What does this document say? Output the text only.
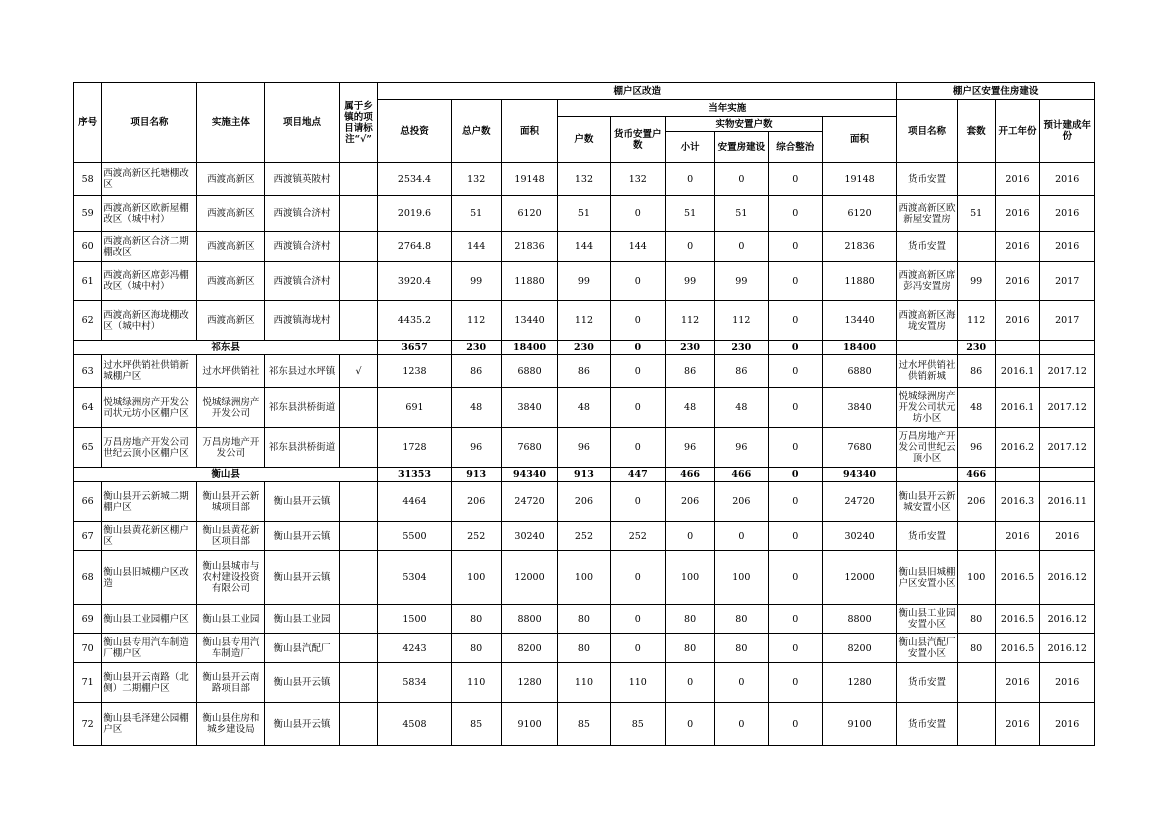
序号	项目名称	实施主体	项目地点	属于乡镇的项目请标注“√”	棚户区改造									棚户区安置住房建设			
					总投资	总户数	面积	当年实施						项目名称	套数	开工年份	预计建成年份
								户数	货币安置户数	实物安置户数			面积				
										小计	安置房建设	综合整治					
58	西渡高新区托塘棚改区	西渡高新区	西渡镇英陂村		2534.4	132	19148	132	132	0	0	0	19148	货币安置		2016	2016
59	西渡高新区欧新屋棚改区（城中村）	西渡高新区	西渡镇合济村		2019.6	51	6120	51	0	51	51	0	6120	西渡高新区欧新屋安置房	51	2016	2016
60	西渡高新区合济二期棚改区	西渡高新区	西渡镇合济村		2764.8	144	21836	144	144	0	0	0	21836	货币安置		2016	2016
61	西渡高新区席彭冯棚改区（城中村）	西渡高新区	西渡镇合济村		3920.4	99	11880	99	0	99	99	0	11880	西渡高新区席彭冯安置房	99	2016	2017
62	西渡高新区海垅棚改区（城中村）	西渡高新区	西渡镇海垅村		4435.2	112	13440	112	0	112	112	0	13440	西渡高新区海垅安置房	112	2016	2017
祁东县					3657	230	18400	230	0	230	230	0	18400		230		
63	过水坪供销社供销新城棚户区	过水坪供销社	祁东县过水坪镇	√	1238	86	6880	86	0	86	86	0	6880	过水坪供销社供销新城	86	2016.1	2017.12
64	悦城绿洲房产开发公司状元坊小区棚户区	悦城绿洲房产开发公司	祁东县洪桥街道		691	48	3840	48	0	48	48	0	3840	悦城绿洲房产开发公司状元坊小区	48	2016.1	2017.12
65	万昌房地产开发公司世纪云顶小区棚户区	万昌房地产开发公司	祁东县洪桥街道		1728	96	7680	96	0	96	96	0	7680	万昌房地产开发公司世纪云顶小区	96	2016.2	2017.12
衡山县					31353	913	94340	913	447	466	466	0	94340		466		
66	衡山县开云新城二期棚户区	衡山县开云新城项目部	衡山县开云镇		4464	206	24720	206	0	206	206	0	24720	衡山县开云新城安置小区	206	2016.3	2016.11
67	衡山县黄花新区棚户区	衡山县黄花新区项目部	衡山县开云镇		5500	252	30240	252	252	0	0	0	30240	货币安置		2016	2016
68	衡山县旧城棚户区改造	衡山县城市与农村建设投资有限公司	衡山县开云镇		5304	100	12000	100	0	100	100	0	12000	衡山县旧城棚户区安置小区	100	2016.5	2016.12
69	衡山县工业园棚户区	衡山县工业园	衡山县工业园		1500	80	8800	80	0	80	80	0	8800	衡山县工业园安置小区	80	2016.5	2016.12
70	衡山县专用汽车制造厂棚户区	衡山县专用汽车制造厂	衡山县汽配厂		4243	80	8200	80	0	80	80	0	8200	衡山县汽配厂安置小区	80	2016.5	2016.12
71	衡山县开云南路（北侧）二期棚户区	衡山县开云南路项目部	衡山县开云镇		5834	110	1280	110	110	0	0	0	1280	货币安置		2016	2016
72	衡山县毛泽建公园棚户区	衡山县住房和城乡建设局	衡山县开云镇		4508	85	9100	85	85	0	0	0	9100	货币安置		2016	2016
